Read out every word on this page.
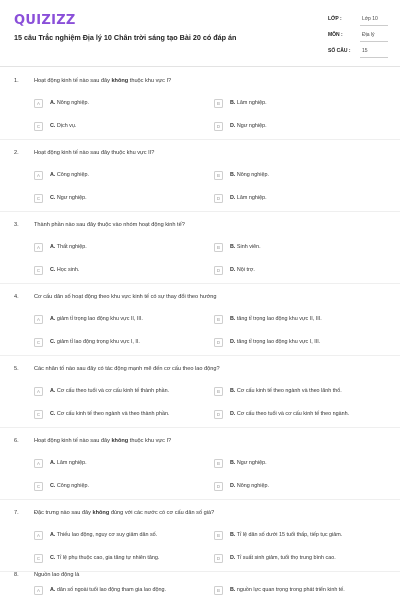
QUIZIZZ
15 câu Trắc nghiệm Địa lý 10 Chân trời sáng tạo Bài 20 có đáp án
LỚP :	Lớp 10
MÔN :	Địa lý
SỐ CÂU : 15
1.	Hoạt động kinh tế nào sau đây không thuộc khu vực I?
A	A. Nông nghiệp.	B	B. Lâm nghiệp.
C	C. Dịch vụ.	D	D. Ngư nghiệp.
2.	Hoạt động kinh tế nào sau đây thuộc khu vực II?
A	A. Công nghiệp.	B	B. Nông nghiệp.
C	C. Ngư nghiệp.	D	D. Lâm nghiệp.
3.	Thành phần nào sau đây thuộc vào nhóm hoạt động kinh tế?
A	A. Thất nghiệp.	B	B. Sinh viên.
C	C. Học sinh.	D	D. Nội trợ.
4.	Cơ cấu dân số hoạt động theo khu vực kinh tế có sự thay đổi theo hướng
A	A. giảm tỉ trọng lao động khu vực II, III.	B	B. tăng tỉ trọng lao động khu vực II, III.
C	C. giảm tỉ lao động trọng khu vực I, II.	D	D. tăng tỉ trọng lao động khu vực I, III.
5.	Các nhân tố nào sau đây có tác động mạnh mẽ đến cơ cấu theo lao động?
A	A. Cơ cấu theo tuổi và cơ cấu kinh tế thành phần.	B	B. Cơ cấu kinh tế theo ngành và theo lãnh thổ.
C	C. Cơ cấu kinh tế theo ngành và theo thành phần.	D	D. Cơ cấu theo tuổi và cơ cấu kinh tế theo ngành.
6.	Hoạt động kinh tế nào sau đây không thuộc khu vực I?
A	A. Lâm nghiệp.	B	B. Ngư nghiệp.
C	C. Công nghiệp.	D	D. Nông nghiệp.
7.	Đặc trưng nào sau đây không đúng với các nước có cơ cấu dân số già?
A	A. Thiếu lao động, nguy cơ suy giảm dân số.	B	B. Tỉ lệ dân số dưới 15 tuổi thấp, tiếp tục giảm.
C	C. Tỉ lệ phụ thuộc cao, gia tăng tự nhiên tăng.	D	D. Tỉ suất sinh giảm, tuổi thọ trung bình cao.
8.	Nguồn lao động là
A	A. dân số ngoài tuổi lao động tham gia lao động.	B	B. nguồn lực quan trọng trong phát triển kinh tế.
